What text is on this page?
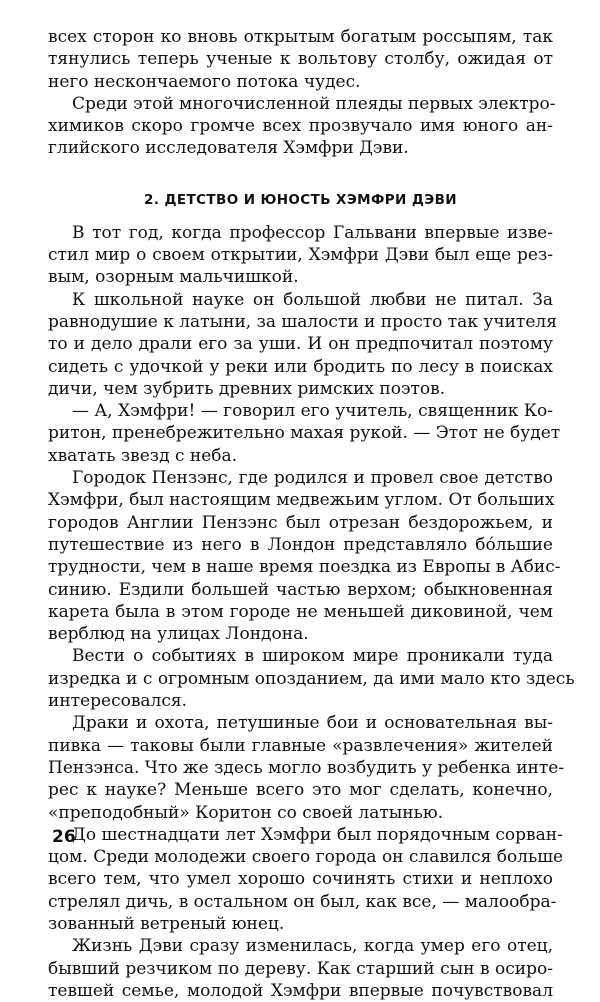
всех сторон ко вновь открытым богатым россыпям, так
тянулись теперь ученые к вольтову столбу, ожидая от
него нескончаемого потока чудес.
Среди этой многочисленной плеяды первых электро-
химиков скоро громче всех прозвучало имя юного ан-
глийского исследователя Хэмфри Дэви.
2. ДЕТСТВО И ЮНОСТЬ ХЭМФРИ ДЭВИ
В тот год, когда профессор Гальвани впервые изве-
стил мир о своем открытии, Хэмфри Дэви был еще рез-
вым, озорным мальчишкой.
К школьной науке он большой любви не питал. За
равнодушие к латыни, за шалости и просто так учителя
то и дело драли его за уши. И он предпочитал поэтому
сидеть с удочкой у реки или бродить по лесу в поисках
дичи, чем зубрить древних римских поэтов.
— А, Хэмфри! — говорил его учитель, священник Ко-
ритон, пренебрежительно махая рукой. — Этот не будет
хватать звезд с неба.
Городок Пензэнс, где родился и провел свое детство
Хэмфри, был настоящим медвежьим углом. От больших
городов Англии Пензэнс был отрезан бездорожьем, и
путешествие из него в Лондон представляло бо́льшие
трудности, чем в наше время поездка из Европы в Абис-
синию. Ездили большей частью верхом; обыкновенная
карета была в этом городе не меньшей диковиной, чем
верблюд на улицах Лондона.
Вести о событиях в широком мире проникали туда
изредка и с огромным опозданием, да ими мало кто здесь
интересовался.
Драки и охота, петушиные бои и основательная вы-
пивка — таковы были главные «развлечения» жителей
Пензэнса. Что же здесь могло возбудить у ребенка инте-
рес к науке? Меньше всего это мог сделать, конечно,
«преподобный» Коритон со своей латынью.
До шестнадцати лет Хэмфри был порядочным сорван-
цом. Среди молодежи своего города он славился больше
всего тем, что умел хорошо сочинять стихи и неплохо
стрелял дичь, в остальном он был, как все, — малообра-
зованный ветреный юнец.
Жизнь Дэви сразу изменилась, когда умер его отец,
бывший резчиком по дереву. Как старший сын в осиро-
тевшей семье, молодой Хэмфри впервые почувствовал
26
